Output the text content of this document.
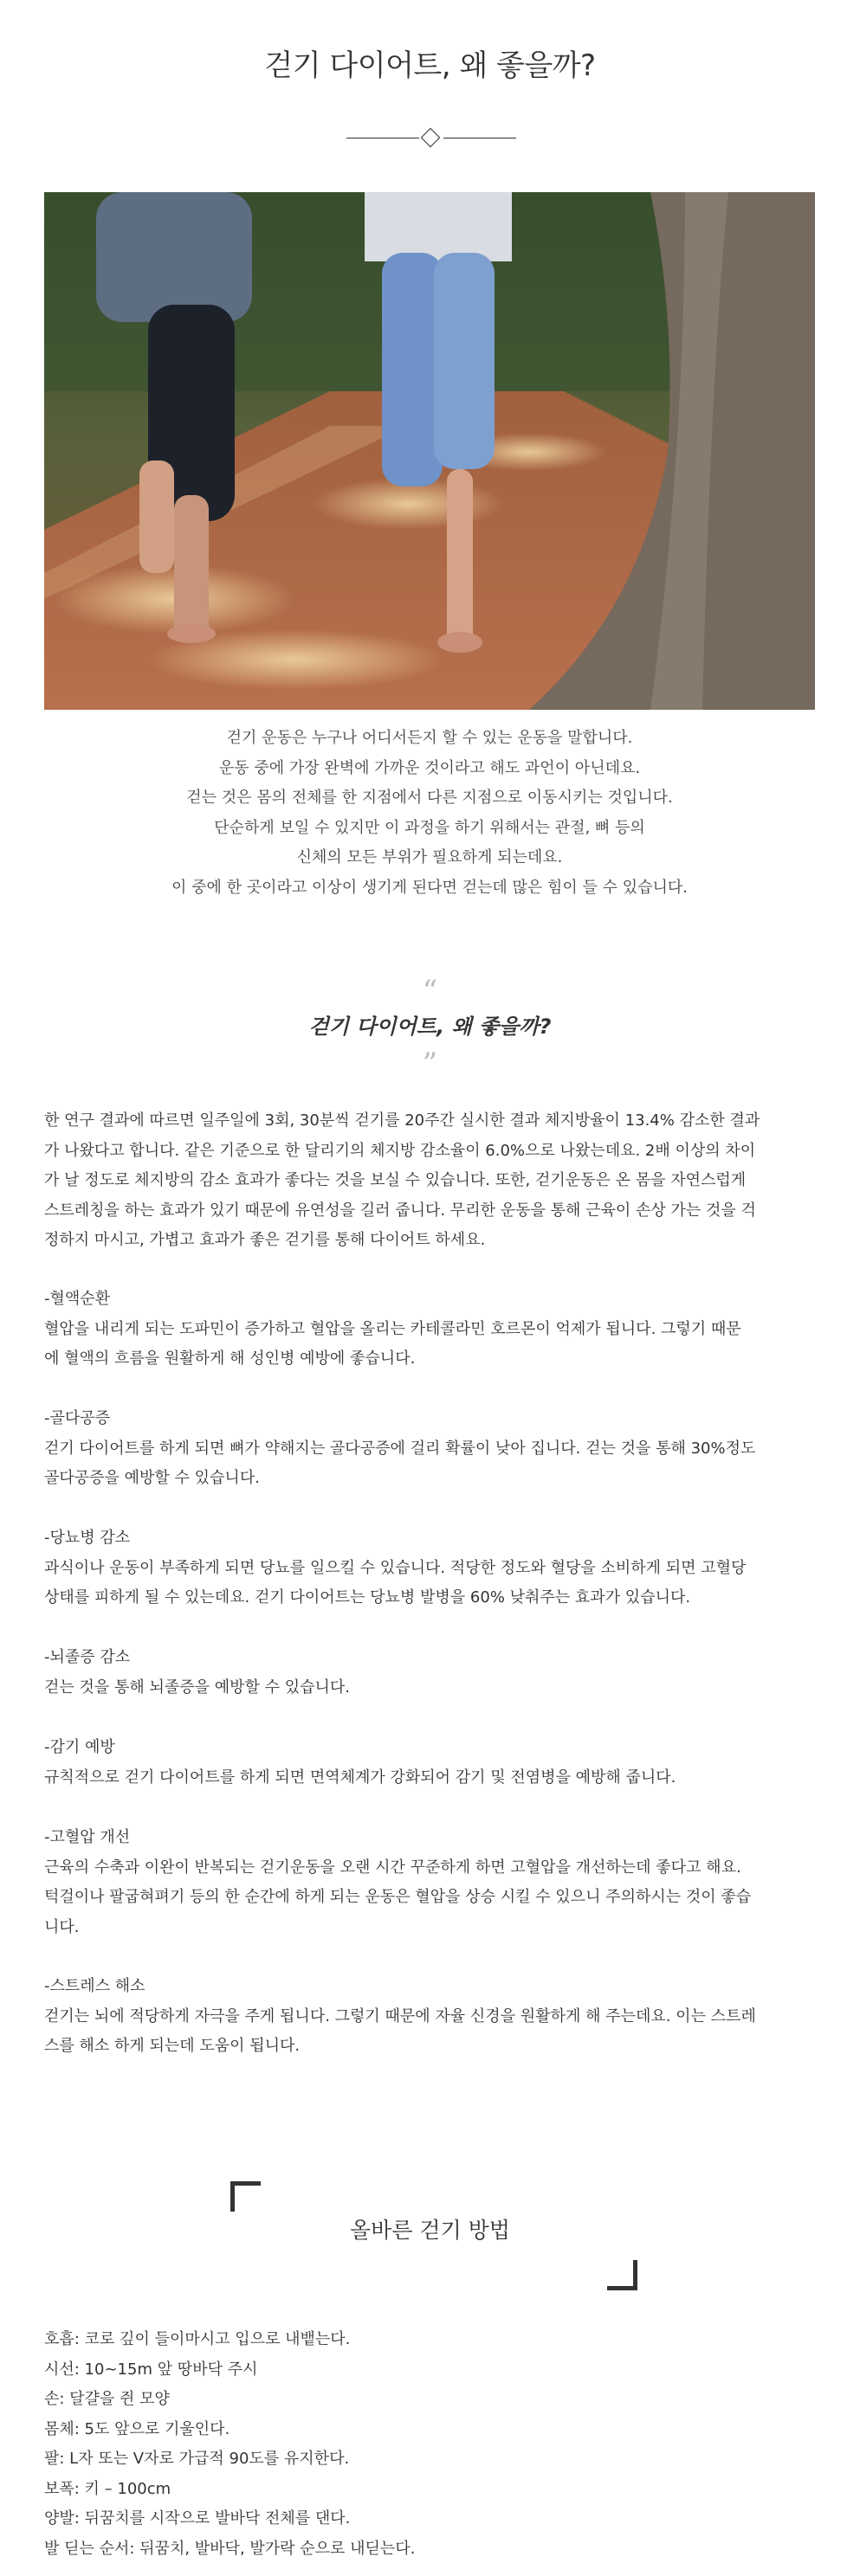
걷기 다이어트, 왜 좋을까?
걷기 운동은 누구나 어디서든지 할 수 있는 운동을 말합니다.
운동 중에 가장 완벽에 가까운 것이라고 해도 과언이 아닌데요.
걷는 것은 몸의 전체를 한 지점에서 다른 지점으로 이동시키는 것입니다.
단순하게 보일 수 있지만 이 과정을 하기 위해서는 관절, 뼈 등의
신체의 모든 부위가 필요하게 되는데요.
이 중에 한 곳이라고 이상이 생기게 된다면 걷는데 많은 힘이 들 수 있습니다.
“
걷기 다이어트, 왜 좋을까?
”
한 연구 결과에 따르면 일주일에 3회, 30분씩 걷기를 20주간 실시한 결과 체지방율이 13.4% 감소한 결과
가 나왔다고 합니다. 같은 기준으로 한 달리기의 체지방 감소율이 6.0%으로 나왔는데요. 2배 이상의 차이
가 날 정도로 체지방의 감소 효과가 좋다는 것을 보실 수 있습니다. 또한, 걷기운동은 온 몸을 자연스럽게
스트레칭을 하는 효과가 있기 때문에 유연성을 길러 줍니다. 무리한 운동을 통해 근육이 손상 가는 것을 걱
정하지 마시고, 가볍고 효과가 좋은 걷기를 통해 다이어트 하세요.
-혈액순환
혈압을 내리게 되는 도파민이 증가하고 혈압을 올리는 카테콜라민 호르몬이 억제가 됩니다. 그렇기 때문
에 혈액의 흐름을 원활하게 해 성인병 예방에 좋습니다.
-골다공증
걷기 다이어트를 하게 되면 뼈가 약해지는 골다공증에 걸리 확률이 낮아 집니다. 걷는 것을 통해 30%정도
골다공증을 예방할 수 있습니다.
-당뇨병 감소
과식이나 운동이 부족하게 되면 당뇨를 일으킬 수 있습니다. 적당한 정도와 혈당을 소비하게 되면 고혈당
상태를 피하게 될 수 있는데요. 걷기 다이어트는 당뇨병 발병을 60% 낮춰주는 효과가 있습니다.
-뇌졸증 감소
걷는 것을 통해 뇌졸증을 예방할 수 있습니다.
-감기 예방
규칙적으로 걷기 다이어트를 하게 되면 면역체계가 강화되어 감기 및 전염병을 예방해 줍니다.
-고혈압 개선
근육의 수축과 이완이 반복되는 걷기운동을 오랜 시간 꾸준하게 하면 고혈압을 개선하는데 좋다고 해요.
턱걸이나 팔굽혀펴기 등의 한 순간에 하게 되는 운동은 혈압을 상승 시킬 수 있으니 주의하시는 것이 좋습
니다.
-스트레스 해소
걷기는 뇌에 적당하게 자극을 주게 됩니다. 그렇기 때문에 자율 신경을 원활하게 해 주는데요. 이는 스트레
스를 해소 하게 되는데 도움이 됩니다.
올바른 걷기 방법
호흡: 코로 깊이 들이마시고 입으로 내뱉는다.
시선: 10~15m 앞 땅바닥 주시
손: 달걀을 쥔 모양
몸체: 5도 앞으로 기울인다.
팔: L자 또는 V자로 가급적 90도를 유지한다.
보폭: 키 – 100cm
양발: 뒤꿈치를 시작으로 발바닥 전체를 댄다.
발 딛는 순서: 뒤꿈치, 발바닥, 발가락 순으로 내딛는다.
